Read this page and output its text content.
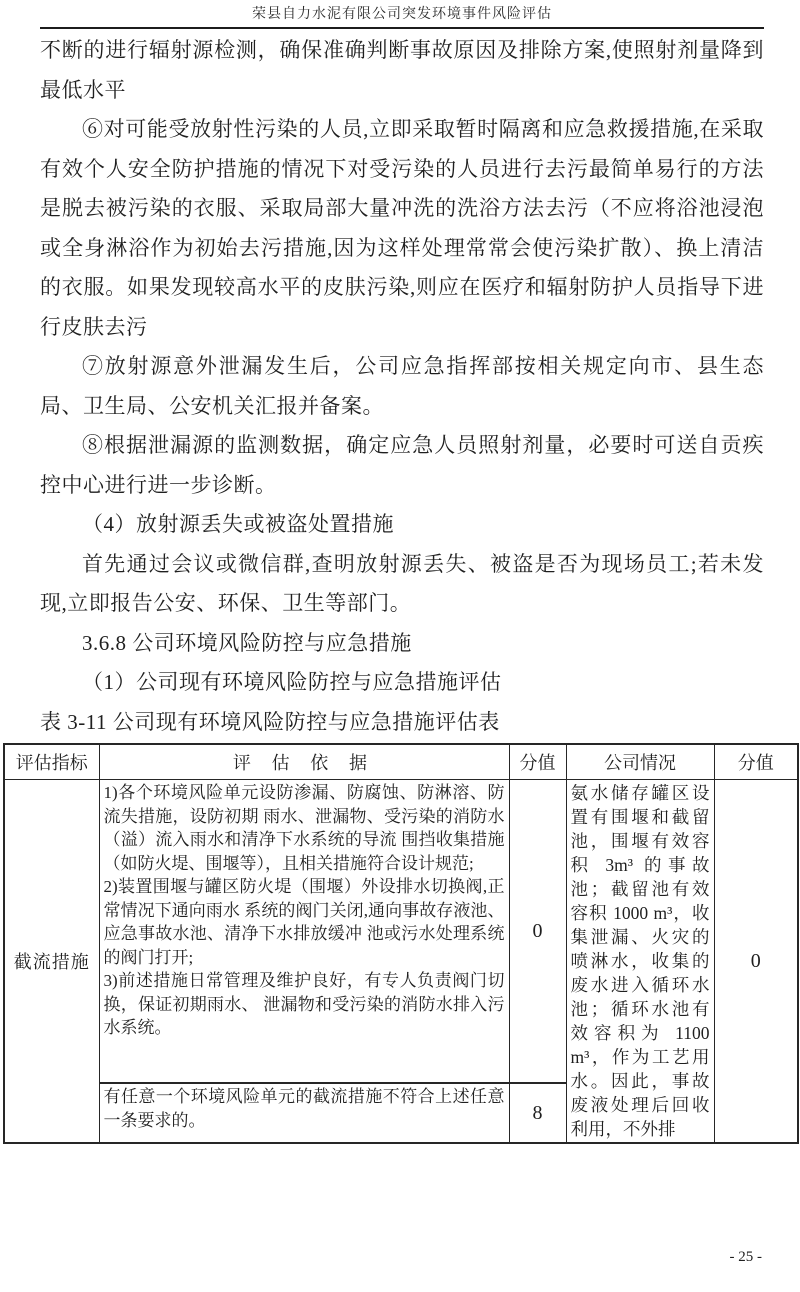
荣县自力水泥有限公司突发环境事件风险评估

不断的进行辐射源检测，确保准确判断事故原因及排除方案,使照射剂量降到最低水平

⑥对可能受放射性污染的人员,立即采取暂时隔离和应急救援措施,在采取有效个人安全防护措施的情况下对受污染的人员进行去污最简单易行的方法是脱去被污染的衣服、采取局部大量冲洗的洗浴方法去污（不应将浴池浸泡或全身淋浴作为初始去污措施,因为这样处理常常会使污染扩散）、换上清洁的衣服。如果发现较高水平的皮肤污染,则应在医疗和辐射防护人员指导下进行皮肤去污

⑦放射源意外泄漏发生后，公司应急指挥部按相关规定向市、县生态局、卫生局、公安机关汇报并备案。

⑧根据泄漏源的监测数据，确定应急人员照射剂量，必要时可送自贡疾控中心进行进一步诊断。

（4）放射源丢失或被盗处置措施

首先通过会议或微信群,查明放射源丢失、被盗是否为现场员工;若未发现,立即报告公安、环保、卫生等部门。

3.6.8 公司环境风险防控与应急措施

（1）公司现有环境风险防控与应急措施评估

表 3-11 公司现有环境风险防控与应急措施评估表

评估指标	评 估 依 据	分值	公司情况	分值
截流措施	1)各个环境风险单元设防渗漏、防腐蚀、防淋溶、防流失措施，设防初期 雨水、泄漏物、受污染的消防水（溢）流入雨水和清净下水系统的导流 围挡收集措施（如防火堤、围堰等），且相关措施符合设计规范;
2)装置围堰与罐区防火堤（围堰）外设排水切换阀,正常情况下通向雨水 系统的阀门关闭,通向事故存液池、应急事故水池、清净下水排放缓冲 池或污水处理系统的阀门打开;
3)前述措施日常管理及维护良好，有专人负责阀门切换，保证初期雨水、 泄漏物和受污染的消防水排入污水系统。	0	氨水储存罐区设置有围堰和截留池，围堰有效容积 3m³ 的事故池；截留池有效容积 1000 m³，收集泄漏、火灾的喷淋水，收集的废水进入循环水池；循环水池有效容积为 1100 m³，作为工艺用水。因此，事故废液处理后回收利用，不外排	0
	有任意一个环境风险单元的截流措施不符合上述任意一条要求的。	8		
- 25 -
